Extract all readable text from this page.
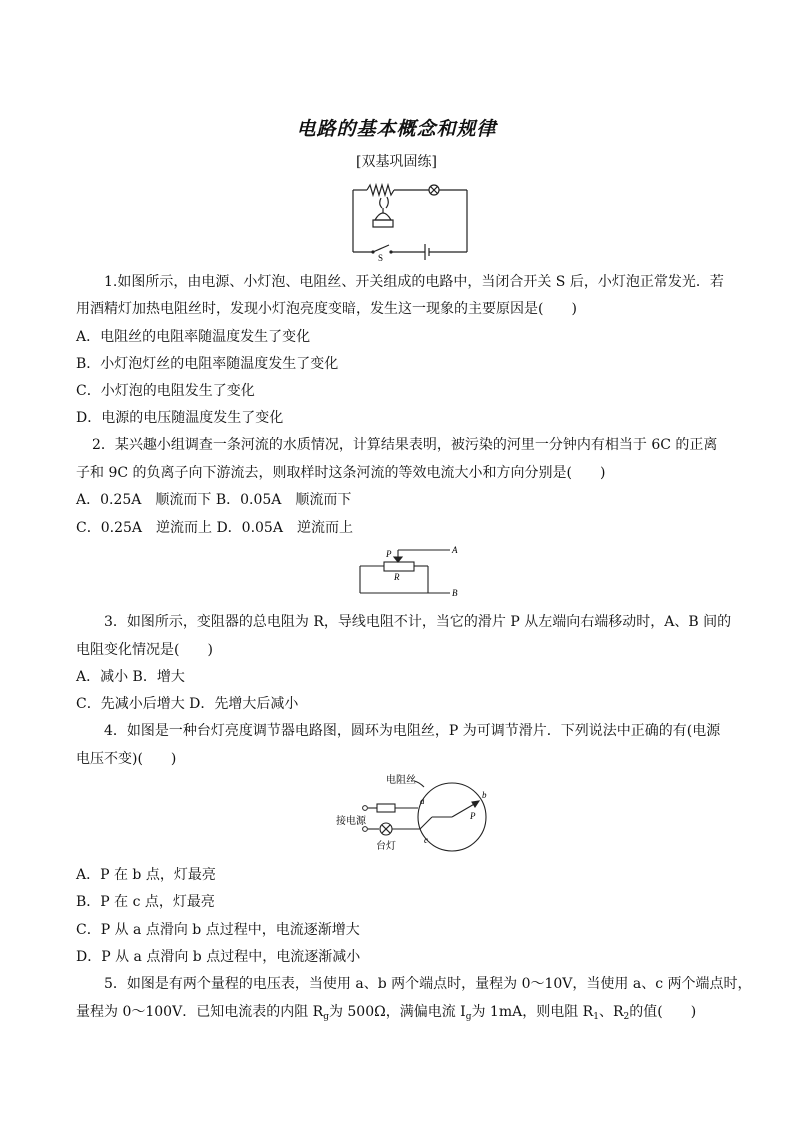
电路的基本概念和规律
[双基巩固练]
S
1.如图所示，由电源、小灯泡、电阻丝、开关组成的电路中，当闭合开关 S 后，小灯泡正常发光．若
用酒精灯加热电阻丝时，发现小灯泡亮度变暗，发生这一现象的主要原因是(　　)
A．电阻丝的电阻率随温度发生了变化
B．小灯泡灯丝的电阻率随温度发生了变化
C．小灯泡的电阻发生了变化
D．电源的电压随温度发生了变化
2．某兴趣小组调查一条河流的水质情况，计算结果表明，被污染的河里一分钟内有相当于 6C 的正离
子和 9C 的负离子向下游流去，则取样时这条河流的等效电流大小和方向分别是(　　)
A．0.25A　顺流而下 B．0.05A　顺流而下
C．0.25A　逆流而上 D．0.05A　逆流而上
P
R
A
B
3．如图所示，变阻器的总电阻为 R，导线电阻不计，当它的滑片 P 从左端向右端移动时，A、B 间的
电阻变化情况是(　　)
A．减小 B．增大
C．先减小后增大 D．先增大后减小
4．如图是一种台灯亮度调节器电路图，圆环为电阻丝，P 为可调节滑片．下列说法中正确的有(电源
电压不变)(　　)
电阻丝
接电源
台灯
a
b
c
P
A．P 在 b 点，灯最亮
B．P 在 c 点，灯最亮
C．P 从 a 点滑向 b 点过程中，电流逐渐增大
D．P 从 a 点滑向 b 点过程中，电流逐渐减小
5．如图是有两个量程的电压表，当使用 a、b 两个端点时，量程为 0～10V，当使用 a、c 两个端点时，
量程为 0～100V．已知电流表的内阻 $R_g$为 500Ω，满偏电流 $I_g$为 1mA，则电阻 $R_1$、$R_2$的值(　　)
